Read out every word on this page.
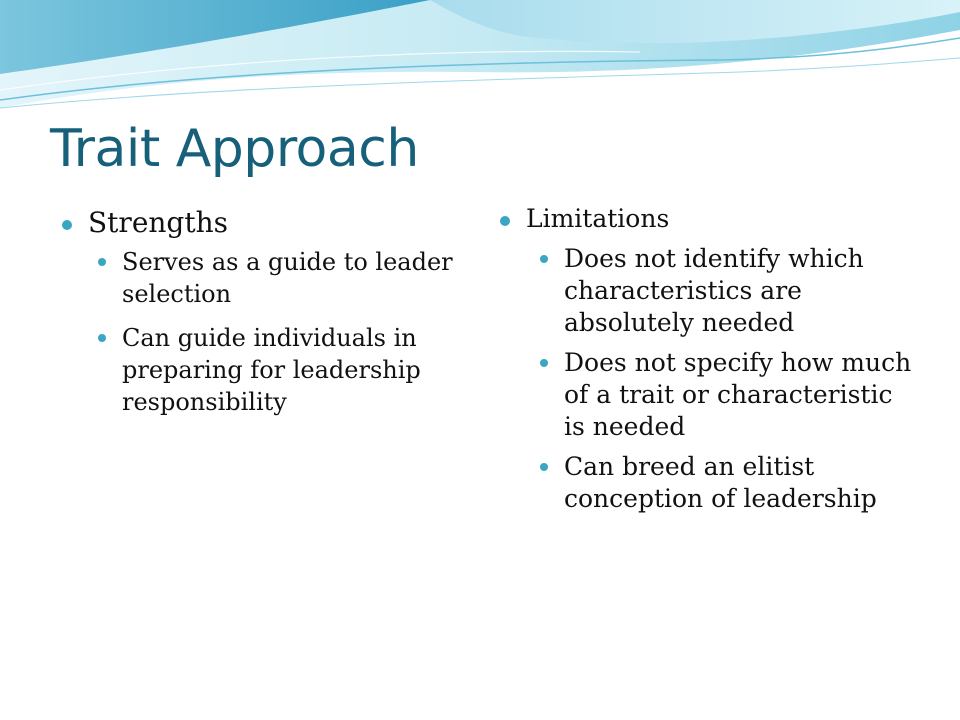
Trait Approach
Strengths
Serves as a guide to leader selection
Can guide individuals in preparing for leadership responsibility
Limitations
Does not identify which characteristics are absolutely needed
Does not specify how much of a trait or characteristic is needed
Can breed an elitist conception of leadership
